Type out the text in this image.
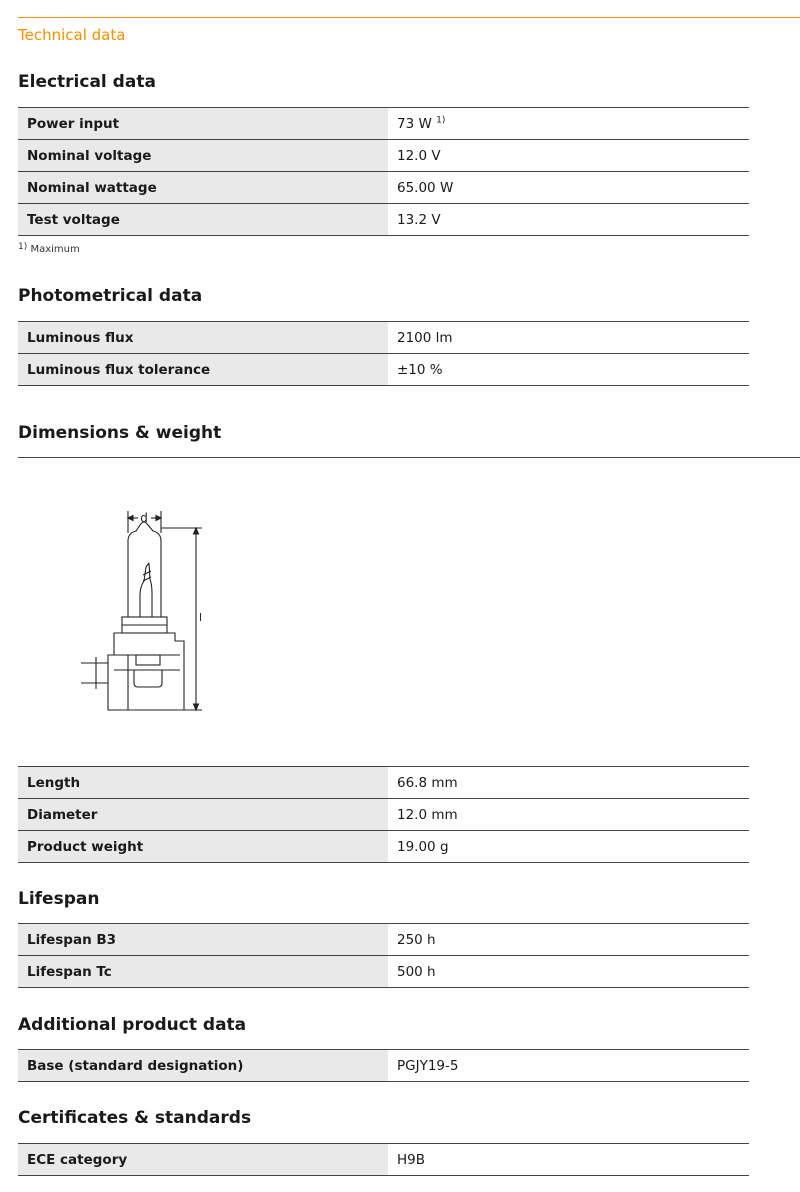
Technical data
Electrical data
Power input	73 W $^{1)}$
Nominal voltage	12.0 V
Nominal wattage	65.00 W
Test voltage	13.2 V
1) Maximum
Photometrical data
Luminous flux	2100 lm
Luminous flux tolerance	±10 %
Dimensions & weight
d
l
Length	66.8 mm
Diameter	12.0 mm
Product weight	19.00 g
Lifespan
Lifespan B3	250 h
Lifespan Tc	500 h
Additional product data
Base (standard designation)	PGJY19-5
Certificates & standards
ECE category	H9B
